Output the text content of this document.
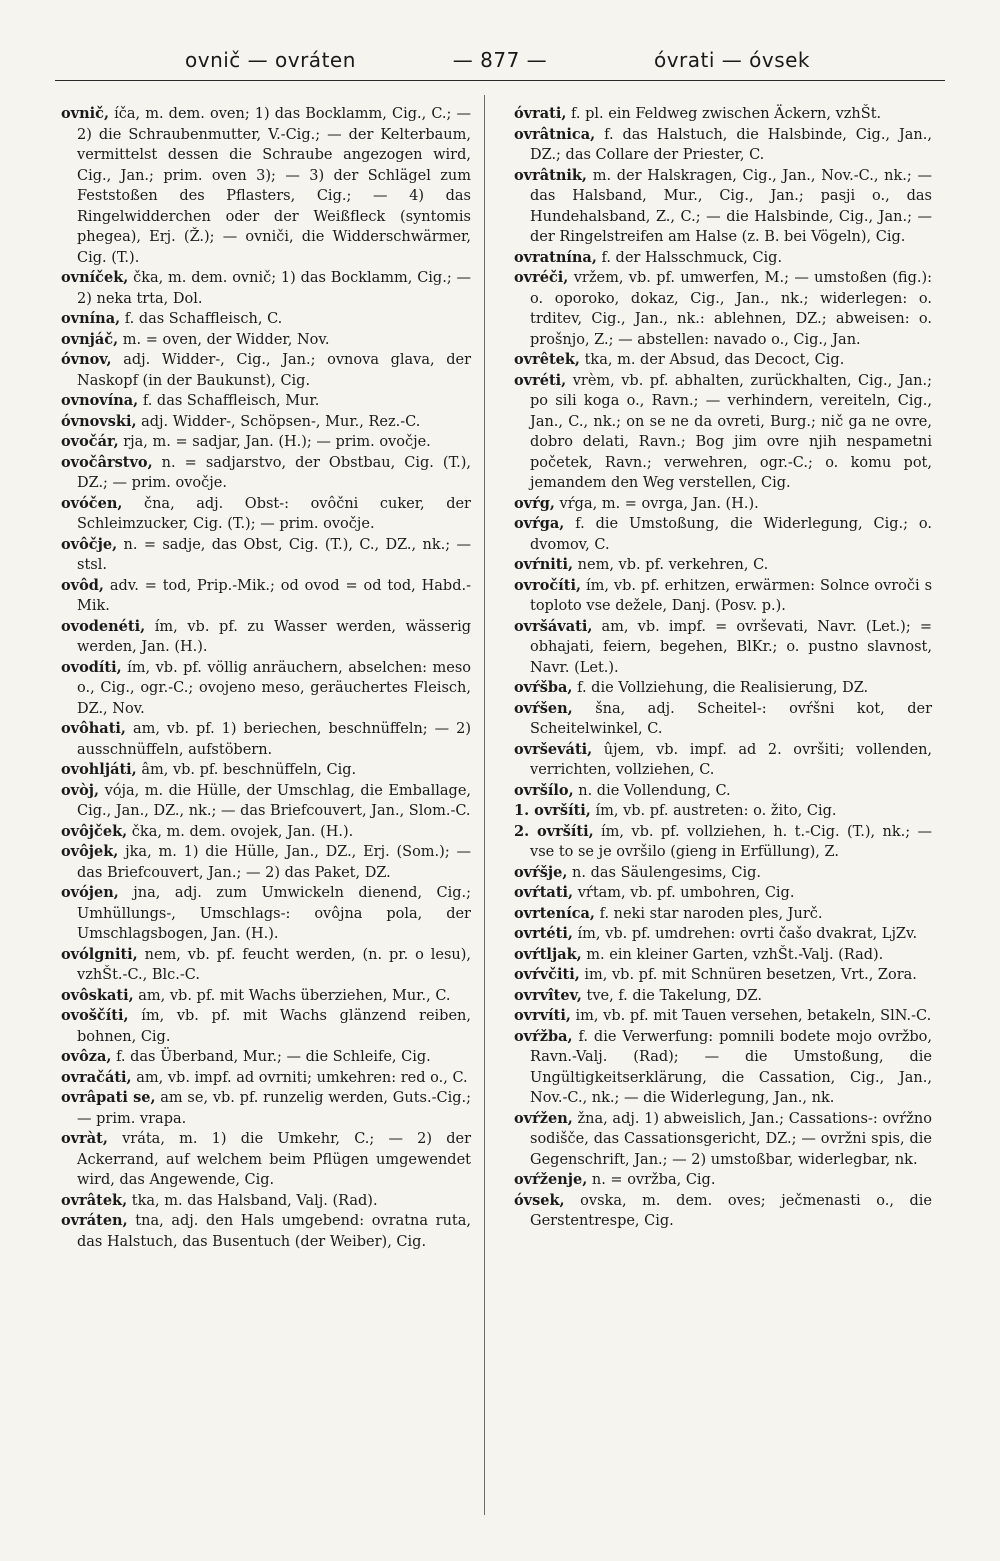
ovnič — ovráten	— 877 —	óvrati — óvsek

ovnič, íča, m. dem. oven; 1) das Bocklamm, Cig., C.; — 2) die Schraubenmutter, V.-Cig.; — der Kelterbaum, vermittelst dessen die Schraube angezogen wird, Cig., Jan.; prim. oven 3); — 3) der Schlägel zum Feststoßen des Pflasters, Cig.; — 4) das Ringelwidderchen oder der Weißfleck (syntomis phegea), Erj. (Ž.); — ovniči, die Widderschwärmer, Cig. (T.).

ovníček, čka, m. dem. ovnič; 1) das Bocklamm, Cig.; — 2) neka trta, Dol.

ovnína, f. das Schaffleisch, C.

ovnjáč, m. = oven, der Widder, Nov.

óvnov, adj. Widder-, Cig., Jan.; ovnova glava, der Naskopf (in der Baukunst), Cig.

ovnovína, f. das Schaffleisch, Mur.

óvnovski, adj. Widder-, Schöpsen-, Mur., Rez.-C.

ovočár, rja, m. = sadjar, Jan. (H.); — prim. ovočje.

ovočârstvo, n. = sadjarstvo, der Obstbau, Cig. (T.), DZ.; — prim. ovočje.

ovóčen, čna, adj. Obst-: ovôčni cuker, der Schleimzucker, Cig. (T.); — prim. ovočje.

ovôčje, n. = sadje, das Obst, Cig. (T.), C., DZ., nk.; — stsl.

ovôd, adv. = tod, Prip.-Mik.; od ovod = od tod, Habd.-Mik.

ovodenéti, ím, vb. pf. zu Wasser werden, wässerig werden, Jan. (H.).

ovodíti, ím, vb. pf. völlig anräuchern, abselchen: meso o., Cig., ogr.-C.; ovojeno meso, geräuchertes Fleisch, DZ., Nov.

ovôhati, am, vb. pf. 1) beriechen, beschnüffeln; — 2) ausschnüffeln, aufstöbern.

ovohljáti, âm, vb. pf. beschnüffeln, Cig.

ovòj, vója, m. die Hülle, der Umschlag, die Emballage, Cig., Jan., DZ., nk.; — das Briefcouvert, Jan., Slom.-C.

ovôjček, čka, m. dem. ovojek, Jan. (H.).

ovôjek, jka, m. 1) die Hülle, Jan., DZ., Erj. (Som.); — das Briefcouvert, Jan.; — 2) das Paket, DZ.

ovójen, jna, adj. zum Umwickeln dienend, Cig.; Umhüllungs-, Umschlags-: ovôjna pola, der Umschlagsbogen, Jan. (H.).

ovólgniti, nem, vb. pf. feucht werden, (n. pr. o lesu), vzhŠt.-C., Blc.-C.

ovôskati, am, vb. pf. mit Wachs überziehen, Mur., C.

ovoščíti, ím, vb. pf. mit Wachs glänzend reiben, bohnen, Cig.

ovôza, f. das Überband, Mur.; — die Schleife, Cig.

ovračáti, am, vb. impf. ad ovrniti; umkehren: red o., C.

ovrâpati se, am se, vb. pf. runzelig werden, Guts.-Cig.; — prim. vrapa.

ovràt, vráta, m. 1) die Umkehr, C.; — 2) der Ackerrand, auf welchem beim Pflügen umgewendet wird, das Angewende, Cig.

ovrâtek, tka, m. das Halsband, Valj. (Rad).

ovráten, tna, adj. den Hals umgebend: ovratna ruta, das Halstuch, das Busentuch (der Weiber), Cig.

óvrati, f. pl. ein Feldweg zwischen Äckern, vzhŠt.

ovrâtnica, f. das Halstuch, die Halsbinde, Cig., Jan., DZ.; das Collare der Priester, C.

ovrâtnik, m. der Halskragen, Cig., Jan., Nov.-C., nk.; — das Halsband, Mur., Cig., Jan.; pasji o., das Hundehalsband, Z., C.; — die Halsbinde, Cig., Jan.; — der Ringelstreifen am Halse (z. B. bei Vögeln), Cig.

ovratnína, f. der Halsschmuck, Cig.

ovréči, vržem, vb. pf. umwerfen, M.; — umstoßen (fig.): o. oporoko, dokaz, Cig., Jan., nk.; widerlegen: o. trditev, Cig., Jan., nk.: ablehnen, DZ.; abweisen: o. prošnjo, Z.; — abstellen: navado o., Cig., Jan.

ovrêtek, tka, m. der Absud, das Decoct, Cig.

ovréti, vrèm, vb. pf. abhalten, zurückhalten, Cig., Jan.; po sili koga o., Ravn.; — verhindern, vereiteln, Cig., Jan., C., nk.; on se ne da ovreti, Burg.; nič ga ne ovre, dobro delati, Ravn.; Bog jim ovre njih nespametni početek, Ravn.; verwehren, ogr.-C.; o. komu pot, jemandem den Weg verstellen, Cig.

ovŕg, vŕga, m. = ovrga, Jan. (H.).

ovŕga, f. die Umstoßung, die Widerlegung, Cig.; o. dvomov, C.

ovŕniti, nem, vb. pf. verkehren, C.

ovročíti, ím, vb. pf. erhitzen, erwärmen: Solnce ovroči s toploto vse dežele, Danj. (Posv. p.).

ovršávati, am, vb. impf. = ovrševati, Navr. (Let.); = obhajati, feiern, begehen, BlKr.; o. pustno slavnost, Navr. (Let.).

ovŕšba, f. die Vollziehung, die Realisierung, DZ.

ovŕšen, šna, adj. Scheitel-: ovŕšni kot, der Scheitelwinkel, C.

ovrševáti, ûjem, vb. impf. ad 2. ovršiti; vollenden, verrichten, vollziehen, C.

ovršílo, n. die Vollendung, C.

1. ovršíti, ím, vb. pf. austreten: o. žito, Cig.

2. ovršíti, ím, vb. pf. vollziehen, h. t.-Cig. (T.), nk.; — vse to se je ovršilo (gieng in Erfüllung), Z.

ovŕšje, n. das Säulengesims, Cig.

ovŕtati, vŕtam, vb. pf. umbohren, Cig.

ovrteníca, f. neki star naroden ples, Jurč.

ovrtéti, ím, vb. pf. umdrehen: ovrti čašo dvakrat, LjZv.

ovŕtljak, m. ein kleiner Garten, vzhŠt.-Valj. (Rad).

ovŕvčiti, im, vb. pf. mit Schnüren besetzen, Vrt., Zora.

ovrvîtev, tve, f. die Takelung, DZ.

ovrvíti, im, vb. pf. mit Tauen versehen, betakeln, SlN.-C.

ovŕžba, f. die Verwerfung: pomnili bodete mojo ovržbo, Ravn.-Valj. (Rad); — die Umstoßung, die Ungültigkeitserklärung, die Cassation, Cig., Jan., Nov.-C., nk.; — die Widerlegung, Jan., nk.

ovŕžen, žna, adj. 1) abweislich, Jan.; Cassations-: ovŕžno sodišče, das Cassationsgericht, DZ.; — ovržni spis, die Gegenschrift, Jan.; — 2) umstoßbar, widerlegbar, nk.

ovŕženje, n. = ovržba, Cig.

óvsek, ovska, m. dem. oves; ječmenasti o., die Gerstentrespe, Cig.
